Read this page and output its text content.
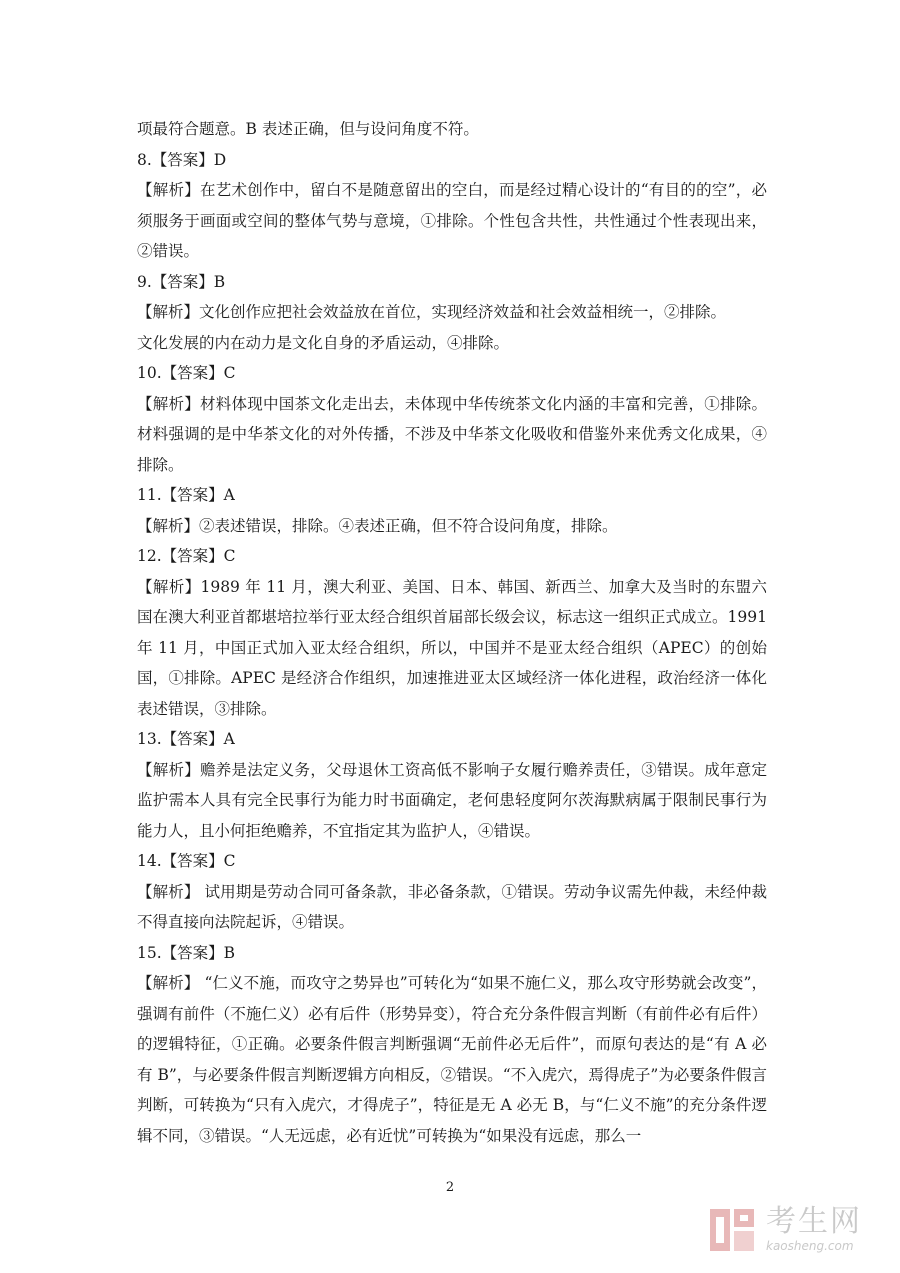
项最符合题意。B 表述正确，但与设问角度不符。

8.【答案】D

【解析】在艺术创作中，留白不是随意留出的空白，而是经过精心设计的“有目的的空”，必须服务于画面或空间的整体气势与意境，①排除。个性包含共性，共性通过个性表现出来，②错误。

9.【答案】B

【解析】文化创作应把社会效益放在首位，实现经济效益和社会效益相统一，②排除。

文化发展的内在动力是文化自身的矛盾运动，④排除。

10.【答案】C

【解析】材料体现中国茶文化走出去，未体现中华传统茶文化内涵的丰富和完善，①排除。材料强调的是中华茶文化的对外传播，不涉及中华茶文化吸收和借鉴外来优秀文化成果，④排除。

11.【答案】A

【解析】②表述错误，排除。④表述正确，但不符合设问角度，排除。

12.【答案】C

【解析】1989 年 11 月，澳大利亚、美国、日本、韩国、新西兰、加拿大及当时的东盟六国在澳大利亚首都堪培拉举行亚太经合组织首届部长级会议，标志这一组织正式成立。1991 年 11 月，中国正式加入亚太经合组织，所以，中国并不是亚太经合组织（APEC）的创始国，①排除。APEC 是经济合作组织，加速推进亚太区域经济一体化进程，政治经济一体化表述错误，③排除。

13.【答案】A

【解析】赡养是法定义务，父母退休工资高低不影响子女履行赡养责任，③错误。成年意定监护需本人具有完全民事行为能力时书面确定，老何患轻度阿尔茨海默病属于限制民事行为能力人，且小何拒绝赡养，不宜指定其为监护人，④错误。

14.【答案】C

【解析】 试用期是劳动合同可备条款，非必备条款，①错误。劳动争议需先仲裁，未经仲裁不得直接向法院起诉，④错误。

15.【答案】B

【解析】 “仁义不施，而攻守之势异也”可转化为“如果不施仁义，那么攻守形势就会改变”，强调有前件（不施仁义）必有后件（形势异变），符合充分条件假言判断（有前件必有后件）的逻辑特征，①正确。必要条件假言判断强调“无前件必无后件”，而原句表达的是“有 A 必有 B”，与必要条件假言判断逻辑方向相反，②错误。“不入虎穴，焉得虎子”为必要条件假言判断，可转换为“只有入虎穴，才得虎子”，特征是无 A 必无 B，与“仁义不施”的充分条件逻辑不同，③错误。“人无远虑，必有近忧”可转换为“如果没有远虑，那么一

2
考生网
kaosheng.com
